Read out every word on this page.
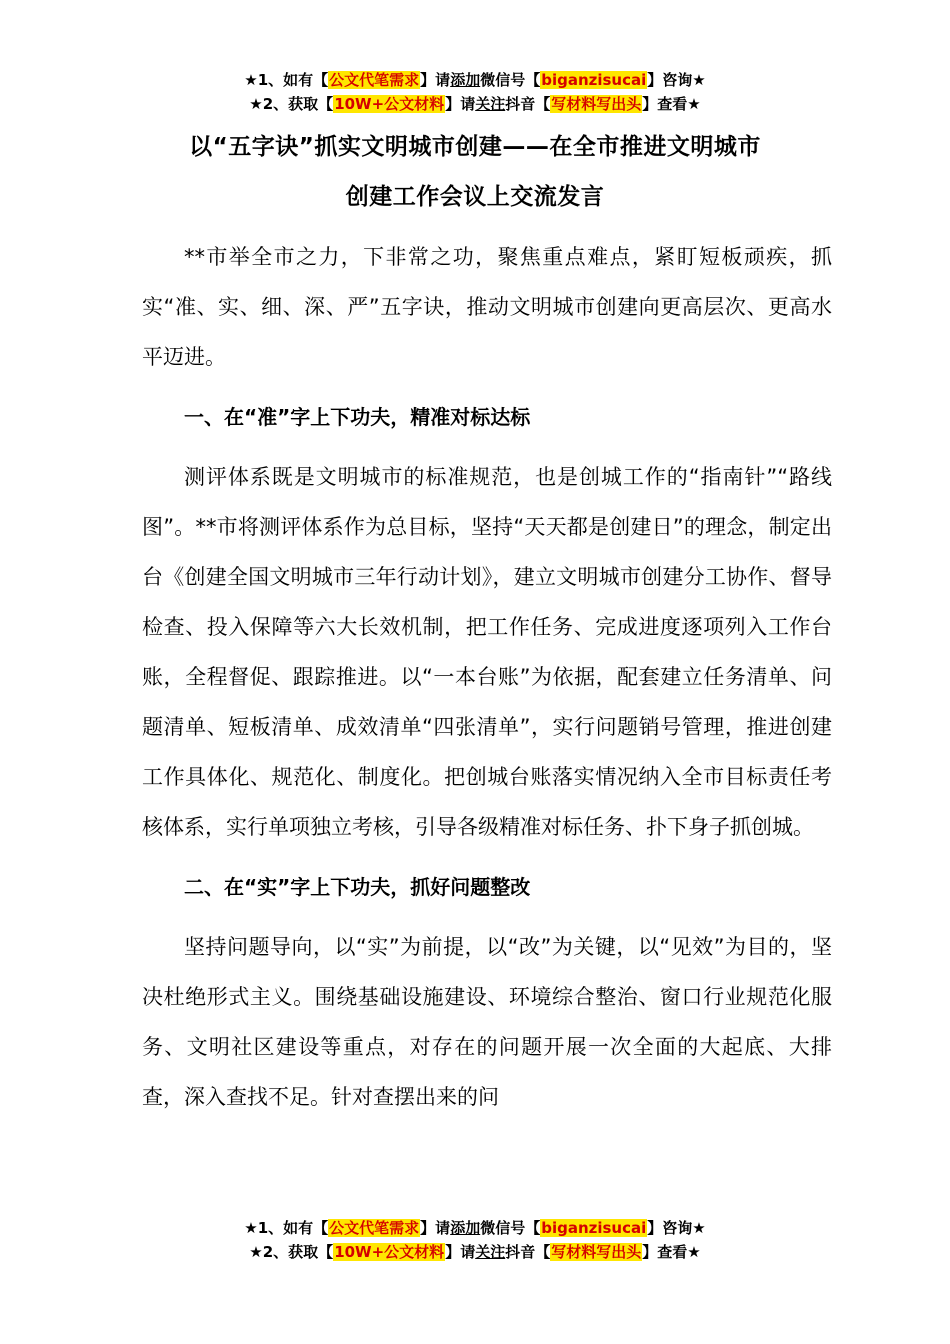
★1、如有【公文代笔需求】请添加微信号【biganzisucai】咨询★
★2、获取【10W+公文材料】请关注抖音【写材料写出头】查看★
以“五字诀”抓实文明城市创建——在全市推进文明城市
创建工作会议上交流发言

**市举全市之力，下非常之功，聚焦重点难点，紧盯短板顽疾，抓实“准、实、细、深、严”五字诀，推动文明城市创建向更高层次、更高水平迈进。

一、在“准”字上下功夫，精准对标达标

测评体系既是文明城市的标准规范，也是创城工作的“指南针”“路线图”。**市将测评体系作为总目标，坚持“天天都是创建日”的理念，制定出台《创建全国文明城市三年行动计划》，建立文明城市创建分工协作、督导检查、投入保障等六大长效机制，把工作任务、完成进度逐项列入工作台账，全程督促、跟踪推进。以“一本台账”为依据，配套建立任务清单、问题清单、短板清单、成效清单“四张清单”，实行问题销号管理，推进创建工作具体化、规范化、制度化。把创城台账落实情况纳入全市目标责任考核体系，实行单项独立考核，引导各级精准对标任务、扑下身子抓创城。

二、在“实”字上下功夫，抓好问题整改

坚持问题导向，以“实”为前提，以“改”为关键，以“见效”为目的，坚决杜绝形式主义。围绕基础设施建设、环境综合整治、窗口行业规范化服务、文明社区建设等重点，对存在的问题开展一次全面的大起底、大排查，深入查找不足。针对查摆出来的问

★1、如有【公文代笔需求】请添加微信号【biganzisucai】咨询★
★2、获取【10W+公文材料】请关注抖音【写材料写出头】查看★
